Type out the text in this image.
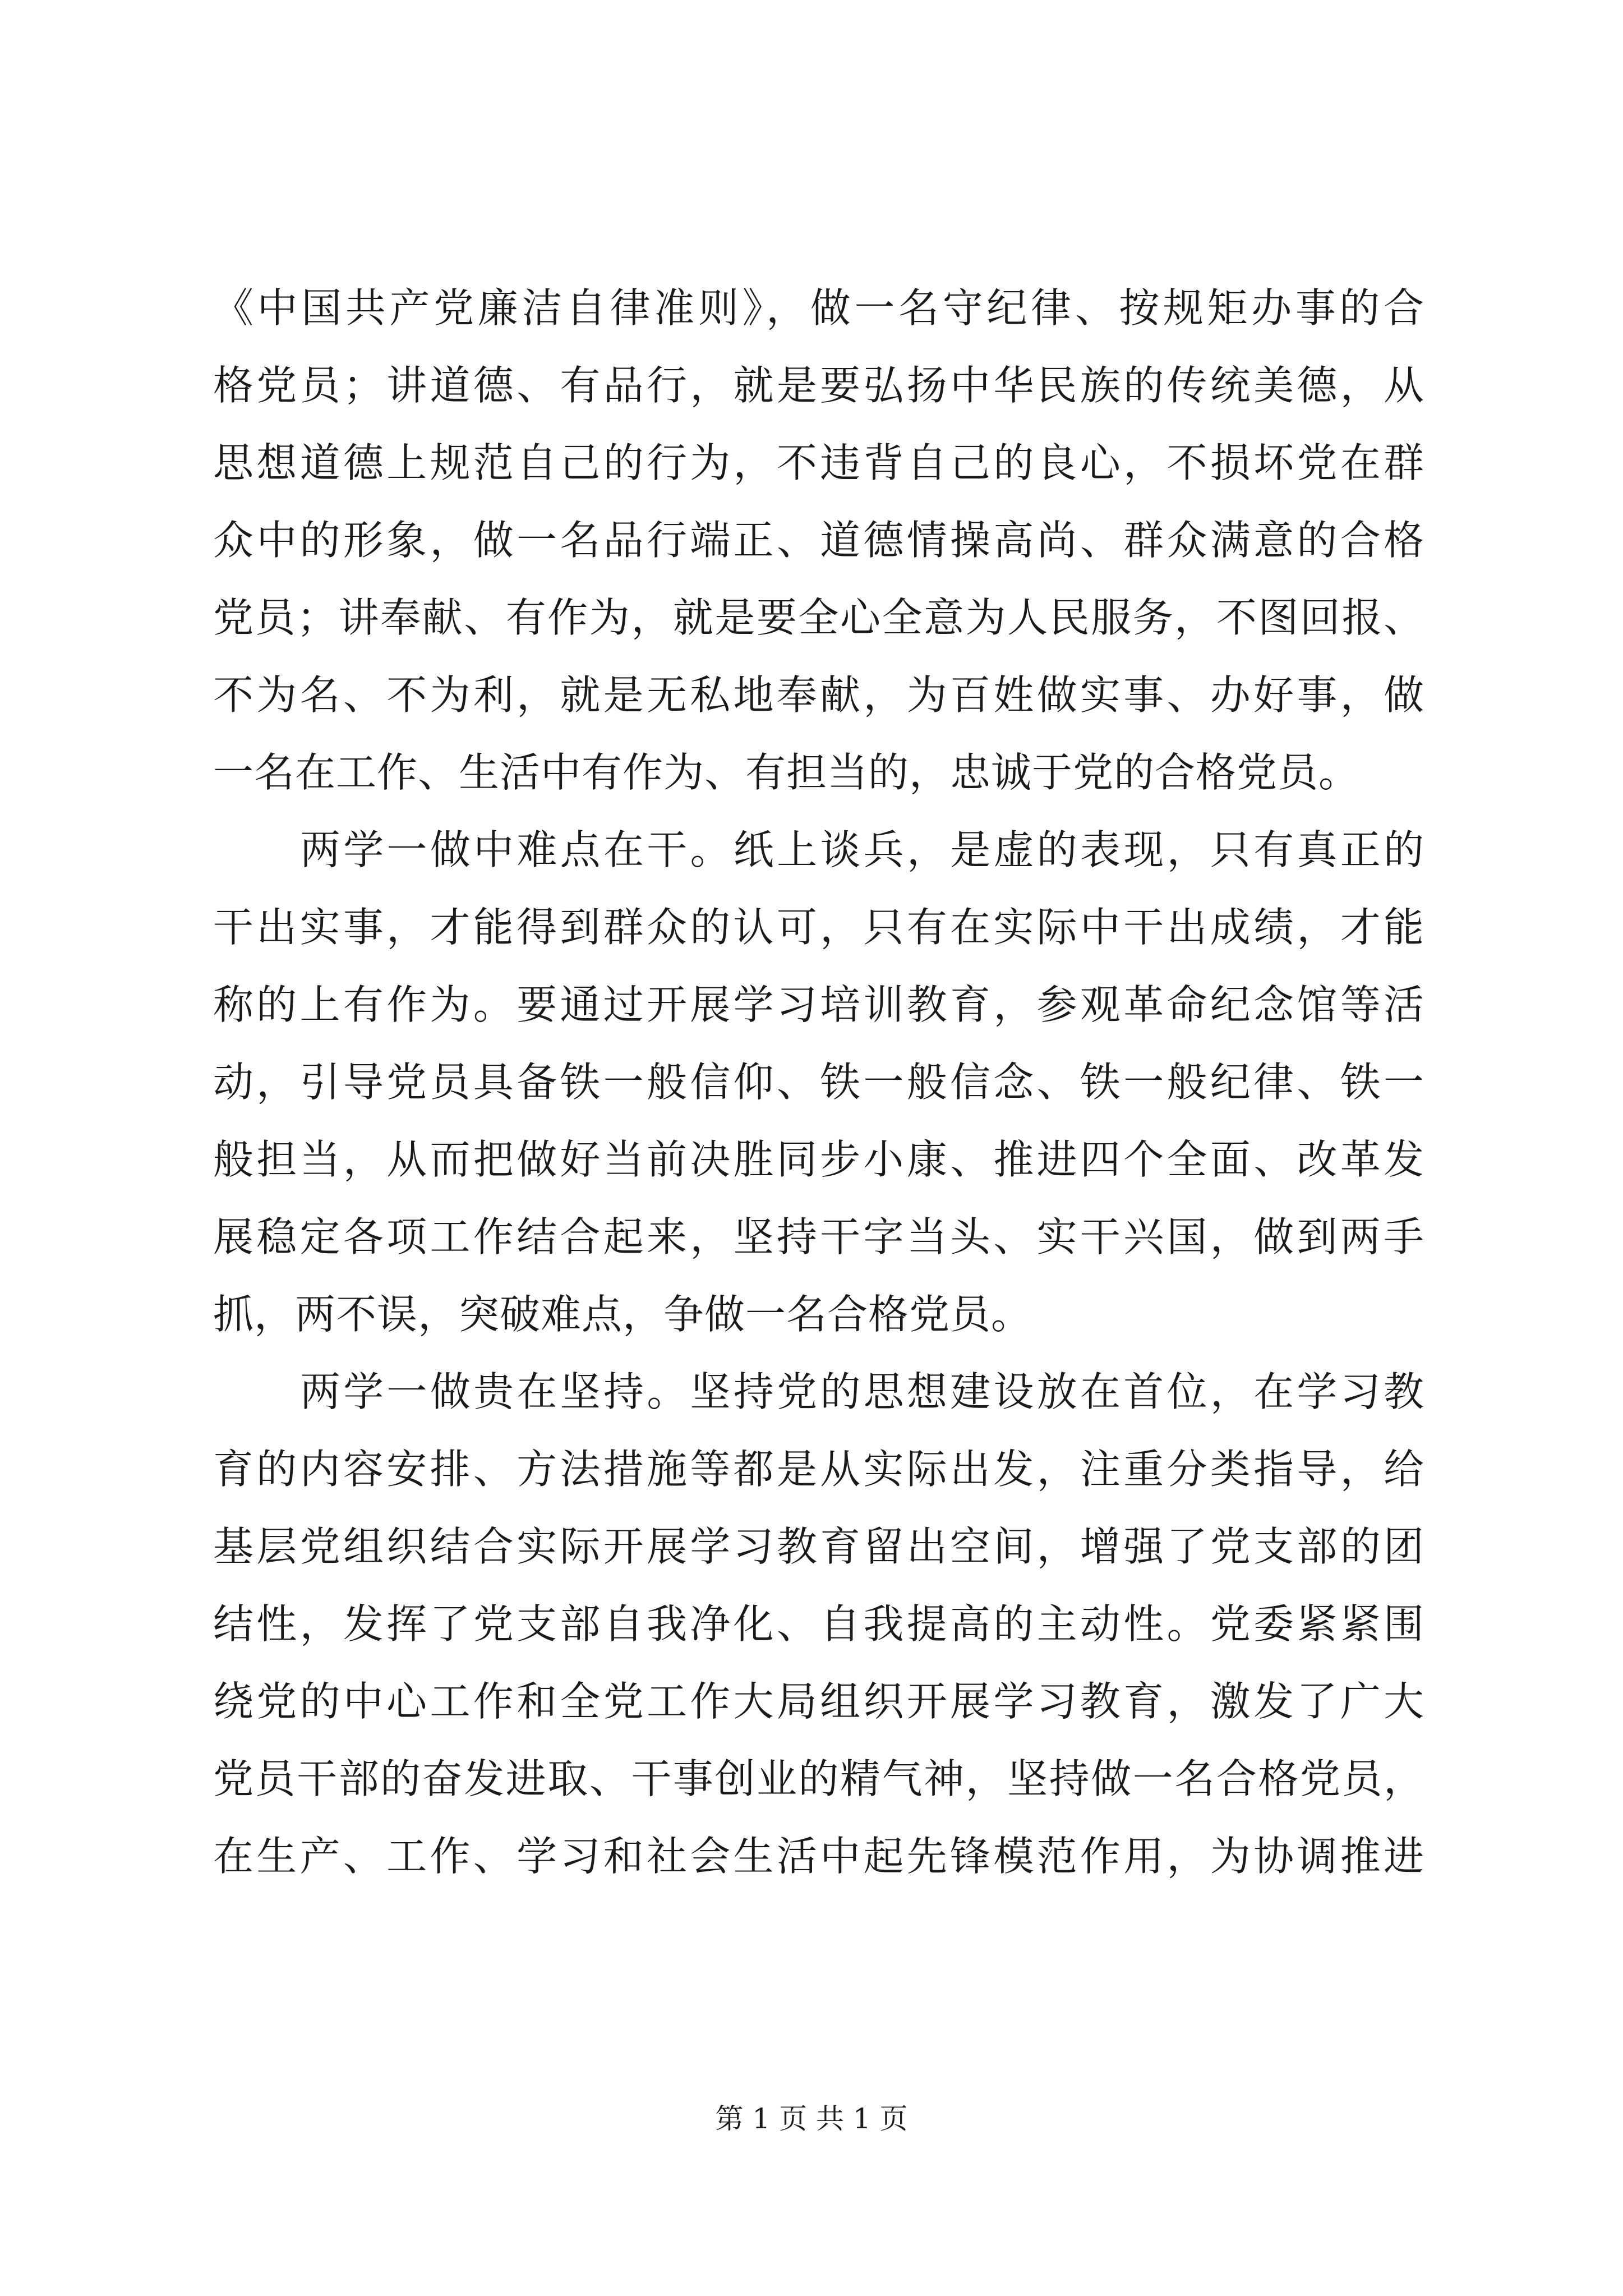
《中国共产党廉洁自律准则》，做一名守纪律、按规矩办事的合
格党员；讲道德、有品行，就是要弘扬中华民族的传统美德，从
思想道德上规范自己的行为，不违背自己的良心，不损坏党在群
众中的形象，做一名品行端正、道德情操高尚、群众满意的合格
党员；讲奉献、有作为，就是要全心全意为人民服务，不图回报、
不为名、不为利，就是无私地奉献，为百姓做实事、办好事，做
一名在工作、生活中有作为、有担当的，忠诚于党的合格党员。
两学一做中难点在干。纸上谈兵，是虚的表现，只有真正的
干出实事，才能得到群众的认可，只有在实际中干出成绩，才能
称的上有作为。要通过开展学习培训教育，参观革命纪念馆等活
动，引导党员具备铁一般信仰、铁一般信念、铁一般纪律、铁一
般担当，从而把做好当前决胜同步小康、推进四个全面、改革发
展稳定各项工作结合起来，坚持干字当头、实干兴国，做到两手
抓，两不误，突破难点，争做一名合格党员。
两学一做贵在坚持。坚持党的思想建设放在首位，在学习教
育的内容安排、方法措施等都是从实际出发，注重分类指导，给
基层党组织结合实际开展学习教育留出空间，增强了党支部的团
结性，发挥了党支部自我净化、自我提高的主动性。党委紧紧围
绕党的中心工作和全党工作大局组织开展学习教育，激发了广大
党员干部的奋发进取、干事创业的精气神，坚持做一名合格党员，
在生产、工作、学习和社会生活中起先锋模范作用，为协调推进
第 1 页 共 1 页
